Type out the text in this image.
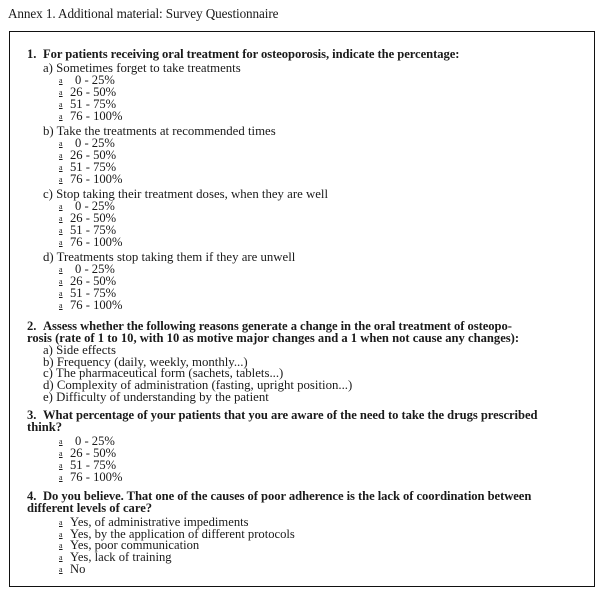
Annex 1. Additional material: Survey Questionnaire
1. For patients receiving oral treatment for osteoporosis, indicate the percentage:
a) Sometimes forget to take treatments
a 0 - 25%
a 26 - 50%
a 51 - 75%
a 76 - 100%
b) Take the treatments at recommended times
a 0 - 25%
a 26 - 50%
a 51 - 75%
a 76 - 100%
c) Stop taking their treatment doses, when they are well
a 0 - 25%
a 26 - 50%
a 51 - 75%
a 76 - 100%
d) Treatments stop taking them if they are unwell
a 0 - 25%
a 26 - 50%
a 51 - 75%
a 76 - 100%
2. Assess whether the following reasons generate a change in the oral treatment of osteopo-
rosis (rate of 1 to 10, with 10 as motive major changes and a 1 when not cause any changes):
a) Side effects
b) Frequency (daily, weekly, monthly...)
c) The pharmaceutical form (sachets, tablets...)
d) Complexity of administration (fasting, upright position...)
e) Difficulty of understanding by the patient
3. What percentage of your patients that you are aware of the need to take the drugs prescribed
think?
a 0 - 25%
a 26 - 50%
a 51 - 75%
a 76 - 100%
4. Do you believe. That one of the causes of poor adherence is the lack of coordination between
different levels of care?
a Yes, of administrative impediments
a Yes, by the application of different protocols
a Yes, poor communication
a Yes, lack of training
a No
